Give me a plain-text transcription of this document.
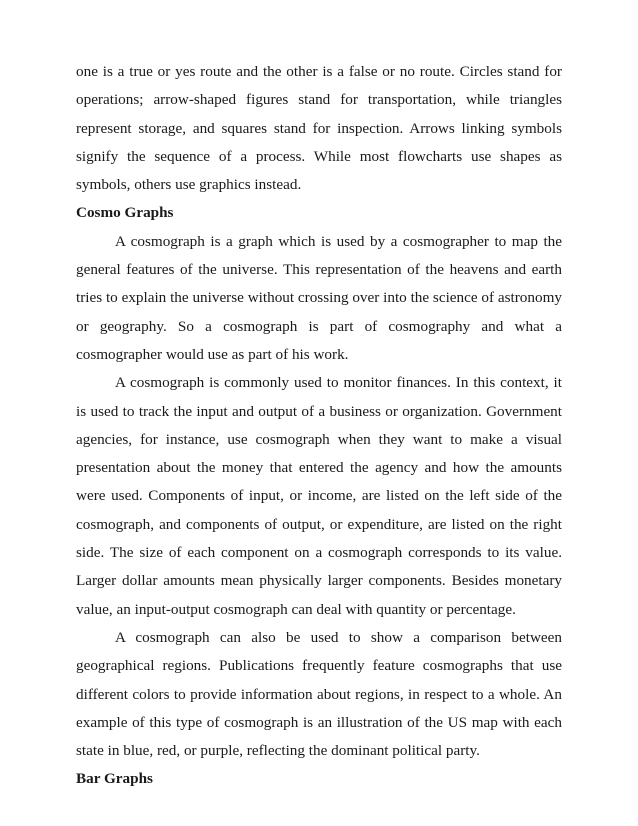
one is a true or yes route and the other is a false or no route. Circles stand for operations; arrow-shaped figures stand for transportation, while triangles represent storage, and squares stand for inspection. Arrows linking symbols signify the sequence of a process. While most flowcharts use shapes as symbols, others use graphics instead.

Cosmo Graphs

A cosmograph is a graph which is used by a cosmographer to map the general features of the universe. This representation of the heavens and earth tries to explain the universe without crossing over into the science of astronomy or geography. So a cosmograph is part of cosmography and what a cosmographer would use as part of his work.

A cosmograph is commonly used to monitor finances. In this context, it is used to track the input and output of a business or organization. Government agencies, for instance, use cosmograph when they want to make a visual presentation about the money that entered the agency and how the amounts were used. Components of input, or income, are listed on the left side of the cosmograph, and components of output, or expenditure, are listed on the right side. The size of each component on a cosmograph corresponds to its value. Larger dollar amounts mean physically larger components. Besides monetary value, an input-output cosmograph can deal with quantity or percentage.

A cosmograph can also be used to show a comparison between geographical regions. Publications frequently feature cosmographs that use different colors to provide information about regions, in respect to a whole. An example of this type of cosmograph is an illustration of the US map with each state in blue, red, or purple, reflecting the dominant political party.

Bar Graphs
